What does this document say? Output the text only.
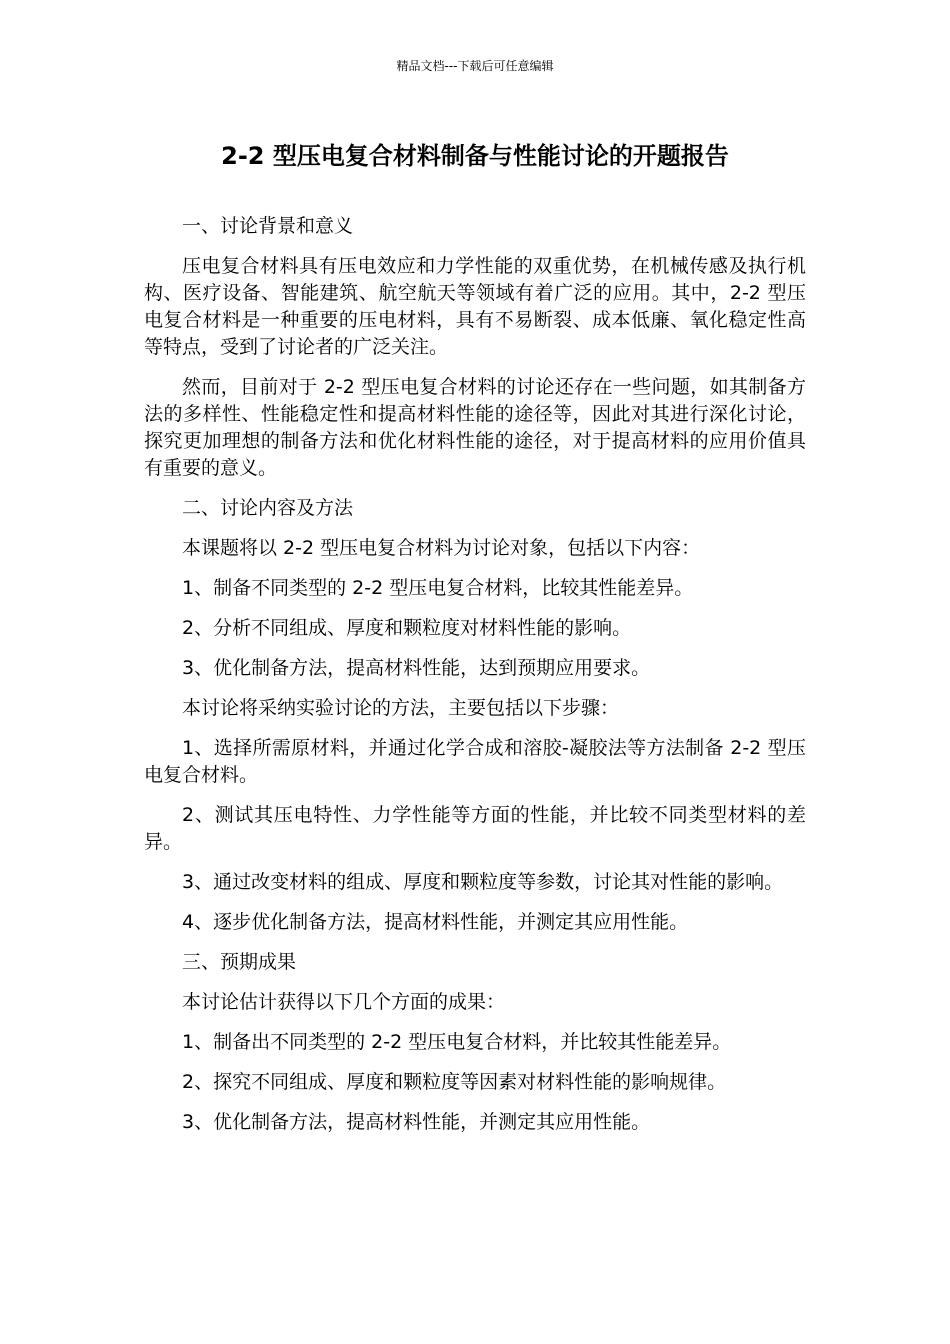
精品文档---下载后可任意编辑
2-2 型压电复合材料制备与性能讨论的开题报告

一、讨论背景和意义

压电复合材料具有压电效应和力学性能的双重优势，在机械传感及执行机构、医疗设备、智能建筑、航空航天等领域有着广泛的应用。其中，2-2 型压电复合材料是一种重要的压电材料，具有不易断裂、成本低廉、氧化稳定性高等特点，受到了讨论者的广泛关注。

然而，目前对于 2-2 型压电复合材料的讨论还存在一些问题，如其制备方法的多样性、性能稳定性和提高材料性能的途径等，因此对其进行深化讨论，探究更加理想的制备方法和优化材料性能的途径，对于提高材料的应用价值具有重要的意义。

二、讨论内容及方法

本课题将以 2-2 型压电复合材料为讨论对象，包括以下内容：

1、制备不同类型的 2-2 型压电复合材料，比较其性能差异。

2、分析不同组成、厚度和颗粒度对材料性能的影响。

3、优化制备方法，提高材料性能，达到预期应用要求。

本讨论将采纳实验讨论的方法，主要包括以下步骤：

1、选择所需原材料，并通过化学合成和溶胶-凝胶法等方法制备 2-2 型压电复合材料。

2、测试其压电特性、力学性能等方面的性能，并比较不同类型材料的差异。

3、通过改变材料的组成、厚度和颗粒度等参数，讨论其对性能的影响。

4、逐步优化制备方法，提高材料性能，并测定其应用性能。

三、预期成果

本讨论估计获得以下几个方面的成果：

1、制备出不同类型的 2-2 型压电复合材料，并比较其性能差异。

2、探究不同组成、厚度和颗粒度等因素对材料性能的影响规律。

3、优化制备方法，提高材料性能，并测定其应用性能。
